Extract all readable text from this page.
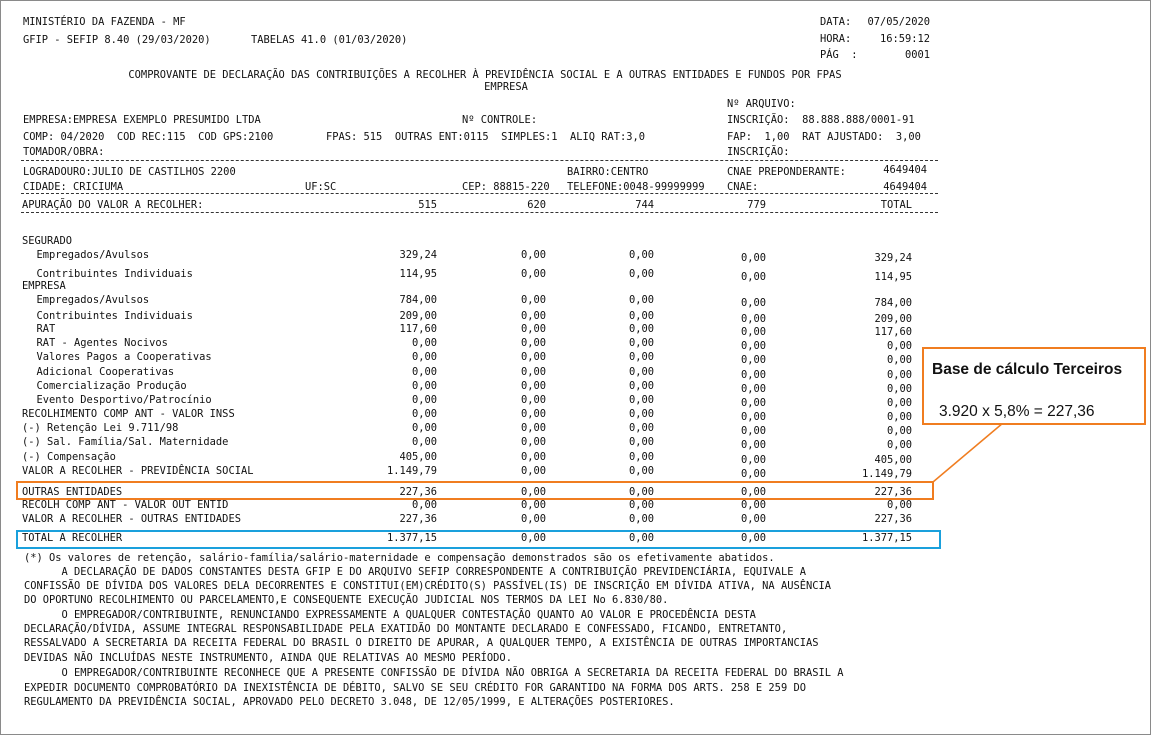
MINISTÉRIO DA FAZENDA - MF
GFIP - SEFIP 8.40 (29/03/2020)	TABELAS 41.0 (01/03/2020)
DATA:	07/05/2020
HORA:	16:59:12
PÁG  :	0001
COMPROVANTE DE DECLARAÇÃO DAS CONTRIBUIÇÕES A RECOLHER À PREVIDÊNCIA SOCIAL E A OUTRAS ENTIDADES E FUNDOS POR FPAS
EMPRESA
Nº ARQUIVO:
EMPRESA:EMPRESA EXEMPLO PRESUMIDO LTDA	Nº CONTROLE:	INSCRIÇÃO:  88.888.888/0001-91
COMP: 04/2020  COD REC:115  COD GPS:2100	FPAS: 515  OUTRAS ENT:0115  SIMPLES:1  ALIQ RAT:3,0	FAP:  1,00  RAT AJUSTADO:  3,00
TOMADOR/OBRA:	INSCRIÇÃO:
LOGRADOURO:JULIO DE CASTILHOS 2200	BAIRRO:CENTRO	CNAE PREPONDERANTE:	4649404
CIDADE: CRICIUMA	UF:SC	CEP: 88815-220 TELEFONE:0048-99999999 CNAE:	4649404
APURAÇÃO DO VALOR A RECOLHER:	515	620	744	779	TOTAL
SEGURADO
Empregados/Avulsos	329,24	0,00	0,00	0,00	329,24
Contribuintes Individuais	114,95	0,00	0,00	0,00	114,95
EMPRESA
Empregados/Avulsos	784,00	0,00	0,00	0,00	784,00
Contribuintes Individuais	209,00	0,00	0,00	0,00	209,00
RAT	117,60	0,00	0,00	0,00	117,60
RAT - Agentes Nocivos	0,00	0,00	0,00	0,00	0,00
Valores Pagos a Cooperativas	0,00	0,00	0,00	0,00	0,00
Adicional Cooperativas	0,00	0,00	0,00	0,00	0,00
Comercialização Produção	0,00	0,00	0,00	0,00	0,00
Evento Desportivo/Patrocínio	0,00	0,00	0,00	0,00	0,00
RECOLHIMENTO COMP ANT - VALOR INSS	0,00	0,00	0,00	0,00	0,00
(-) Retenção Lei 9.711/98	0,00	0,00	0,00	0,00	0,00
(-) Sal. Família/Sal. Maternidade	0,00	0,00	0,00	0,00	0,00
(-) Compensação	405,00	0,00	0,00	0,00	405,00
VALOR A RECOLHER - PREVIDÊNCIA SOCIAL	1.149,79	0,00	0,00	0,00	1.149,79
OUTRAS ENTIDADES	227,36	0,00	0,00	0,00	227,36
RECOLH COMP ANT - VALOR OUT ENTID	0,00	0,00	0,00	0,00	0,00
VALOR A RECOLHER - OUTRAS ENTIDADES	227,36	0,00	0,00	0,00	227,36
TOTAL A RECOLHER	1.377,15	0,00	0,00	0,00	1.377,15
Base de cálculo Terceiros
3.920 x 5,8% = 227,36
(*) Os valores de retenção, salário-família/salário-maternidade e compensação demonstrados são os efetivamente abatidos.
A DECLARAÇÃO DE DADOS CONSTANTES DESTA GFIP E DO ARQUIVO SEFIP CORRESPONDENTE A CONTRIBUIÇÃO PREVIDENCIÁRIA, EQUIVALE A
CONFISSÃO DE DÍVIDA DOS VALORES DELA DECORRENTES E CONSTITUI(EM)CRÉDITO(S) PASSÍVEL(IS) DE INSCRIÇÃO EM DÍVIDA ATIVA, NA AUSÊNCIA
DO OPORTUNO RECOLHIMENTO OU PARCELAMENTO,E CONSEQUENTE EXECUÇÃO JUDICIAL NOS TERMOS DA LEI No 6.830/80.
O EMPREGADOR/CONTRIBUINTE, RENUNCIANDO EXPRESSAMENTE A QUALQUER CONTESTAÇÃO QUANTO AO VALOR E PROCEDÊNCIA DESTA
DECLARAÇÃO/DÍVIDA, ASSUME INTEGRAL RESPONSABILIDADE PELA EXATIDÃO DO MONTANTE DECLARADO E CONFESSADO, FICANDO, ENTRETANTO,
RESSALVADO A SECRETARIA DA RECEITA FEDERAL DO BRASIL O DIREITO DE APURAR, A QUALQUER TEMPO, A EXISTÊNCIA DE OUTRAS IMPORTANCIAS
DEVIDAS NÃO INCLUÍDAS NESTE INSTRUMENTO, AINDA QUE RELATIVAS AO MESMO PERÍODO.
O EMPREGADOR/CONTRIBUINTE RECONHECE QUE A PRESENTE CONFISSÃO DE DÍVIDA NÃO OBRIGA A SECRETARIA DA RECEITA FEDERAL DO BRASIL A
EXPEDIR DOCUMENTO COMPROBATÓRIO DA INEXISTÊNCIA DE DÉBITO, SALVO SE SEU CRÉDITO FOR GARANTIDO NA FORMA DOS ARTS. 258 E 259 DO
REGULAMENTO DA PREVIDÊNCIA SOCIAL, APROVADO PELO DECRETO 3.048, DE 12/05/1999, E ALTERAÇÕES POSTERIORES.
